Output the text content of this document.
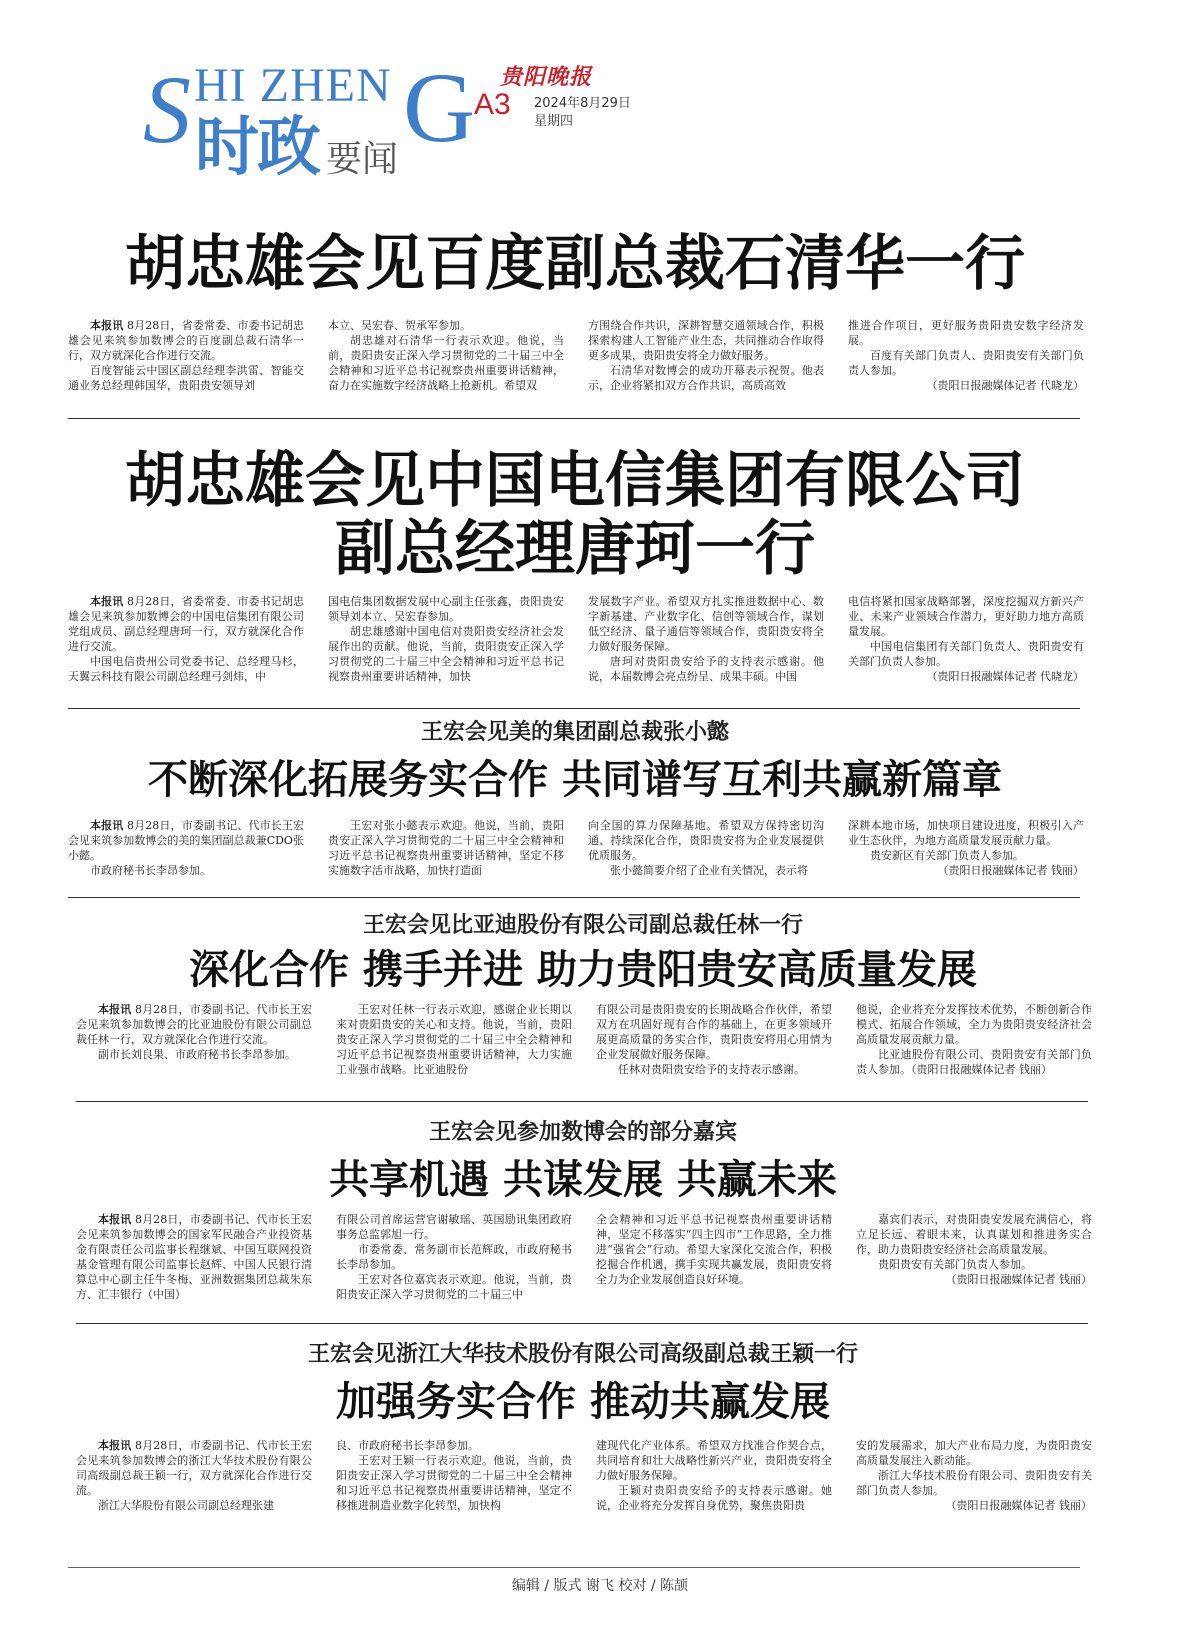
S HI ZHEN G
时政 要闻
贵阳晚报
A3 2024年8月29日
星期四
胡忠雄会见百度副总裁石清华一行

本报讯 8月28日，省委常委、市委书记胡忠雄会见来筑参加数博会的百度副总裁石清华一行，双方就深化合作进行交流。

百度智能云中国区副总经理李洪雷、智能交通业务总经理韩国华，贵阳贵安领导刘

本立、吴宏春、贺承军参加。

胡忠雄对石清华一行表示欢迎。他说，当前，贵阳贵安正深入学习贯彻党的二十届三中全会精神和习近平总书记视察贵州重要讲话精神，奋力在实施数字经济战略上抢新机。希望双

方围绕合作共识，深耕智慧交通领域合作，积极探索构建人工智能产业生态，共同推动合作取得更多成果，贵阳贵安将全力做好服务。

石清华对数博会的成功开幕表示祝贺。他表示，企业将紧扣双方合作共识，高质高效

推进合作项目，更好服务贵阳贵安数字经济发展。

百度有关部门负责人、贵阳贵安有关部门负责人参加。

（贵阳日报融媒体记者 代晓龙）

胡忠雄会见中国电信集团有限公司
副总经理唐珂一行

本报讯 8月28日，省委常委、市委书记胡忠雄会见来筑参加数博会的中国电信集团有限公司党组成员、副总经理唐珂一行，双方就深化合作进行交流。

中国电信贵州公司党委书记、总经理马杉，天翼云科技有限公司副总经理弓剑炜，中

国电信集团数据发展中心副主任张鑫，贵阳贵安领导刘本立、吴宏春参加。

胡忠雄感谢中国电信对贵阳贵安经济社会发展作出的贡献。他说，当前，贵阳贵安正深入学习贯彻党的二十届三中全会精神和习近平总书记视察贵州重要讲话精神，加快

发展数字产业。希望双方扎实推进数据中心、数字新基建、产业数字化、信创等领域合作，谋划低空经济、量子通信等领域合作，贵阳贵安将全力做好服务保障。

唐珂对贵阳贵安给予的支持表示感谢。他说，本届数博会亮点纷呈、成果丰硕。中国

电信将紧扣国家战略部署，深度挖掘双方新兴产业、未来产业领域合作潜力，更好助力地方高质量发展。

中国电信集团有关部门负责人、贵阳贵安有关部门负责人参加。

（贵阳日报融媒体记者 代晓龙）

王宏会见美的集团副总裁张小懿
不断深化拓展务实合作 共同谱写互利共赢新篇章

本报讯 8月28日，市委副书记、代市长王宏会见来筑参加数博会的美的集团副总裁兼CDO张小懿。

市政府秘书长李昂参加。

王宏对张小懿表示欢迎。他说，当前，贵阳贵安正深入学习贯彻党的二十届三中全会精神和习近平总书记视察贵州重要讲话精神，坚定不移实施数字活市战略，加快打造面

向全国的算力保障基地。希望双方保持密切沟通、持续深化合作，贵阳贵安将为企业发展提供优质服务。

张小懿简要介绍了企业有关情况，表示将

深耕本地市场，加快项目建设进度，积极引入产业生态伙伴，为地方高质量发展贡献力量。

贵安新区有关部门负责人参加。

（贵阳日报融媒体记者 钱丽）

王宏会见比亚迪股份有限公司副总裁任林一行
深化合作 携手并进 助力贵阳贵安高质量发展

本报讯 8月28日，市委副书记、代市长王宏会见来筑参加数博会的比亚迪股份有限公司副总裁任林一行，双方就深化合作进行交流。

副市长刘良果、市政府秘书长李昂参加。

王宏对任林一行表示欢迎，感谢企业长期以来对贵阳贵安的关心和支持。他说，当前，贵阳贵安正深入学习贯彻党的二十届三中全会精神和习近平总书记视察贵州重要讲话精神，大力实施工业强市战略。比亚迪股份

有限公司是贵阳贵安的长期战略合作伙伴，希望双方在巩固好现有合作的基础上，在更多领域开展更高质量的务实合作，贵阳贵安将用心用情为企业发展做好服务保障。

任林对贵阳贵安给予的支持表示感谢。

他说，企业将充分发挥技术优势，不断创新合作模式、拓展合作领域，全力为贵阳贵安经济社会高质量发展贡献力量。

比亚迪股份有限公司、贵阳贵安有关部门负责人参加。（贵阳日报融媒体记者 钱丽）

王宏会见参加数博会的部分嘉宾
共享机遇 共谋发展 共赢未来

本报讯 8月28日，市委副书记、代市长王宏会见来筑参加数博会的国家军民融合产业投资基金有限责任公司监事长程继斌、中国互联网投资基金管理有限公司监事长赵辉、中国人民银行清算总中心副主任牛冬梅、亚洲数据集团总裁朱东方、汇丰银行（中国）

有限公司首席运营官谢敏瑶、英国励讯集团政府事务总监郭旭一行。

市委常委、常务副市长范辉政，市政府秘书长李昂参加。

王宏对各位嘉宾表示欢迎。他说，当前，贵阳贵安正深入学习贯彻党的二十届三中

全会精神和习近平总书记视察贵州重要讲话精神，坚定不移落实“四主四市”工作思路，全力推进“强省会”行动。希望大家深化交流合作，积极挖掘合作机遇，携手实现共赢发展，贵阳贵安将全力为企业发展创造良好环境。

嘉宾们表示，对贵阳贵安发展充满信心，将立足长远、着眼未来，认真谋划和推进务实合作，助力贵阳贵安经济社会高质量发展。

贵阳贵安有关部门负责人参加。

（贵阳日报融媒体记者 钱丽）

王宏会见浙江大华技术股份有限公司高级副总裁王颖一行
加强务实合作 推动共赢发展

本报讯 8月28日，市委副书记、代市长王宏会见来筑参加数博会的浙江大华技术股份有限公司高级副总裁王颖一行，双方就深化合作进行交流。

浙江大华股份有限公司副总经理张建

良、市政府秘书长李昂参加。

王宏对王颖一行表示欢迎。他说，当前，贵阳贵安正深入学习贯彻党的二十届三中全会精神和习近平总书记视察贵州重要讲话精神，坚定不移推进制造业数字化转型，加快构

建现代化产业体系。希望双方找准合作契合点，共同培育和壮大战略性新兴产业，贵阳贵安将全力做好服务保障。

王颖对贵阳贵安给予的支持表示感谢。她说，企业将充分发挥自身优势，聚焦贵阳贵

安的发展需求，加大产业布局力度，为贵阳贵安高质量发展注入新动能。

浙江大华技术股份有限公司、贵阳贵安有关部门负责人参加。

（贵阳日报融媒体记者 钱丽）

编辑 / 版式 谢飞 校对 / 陈颉
